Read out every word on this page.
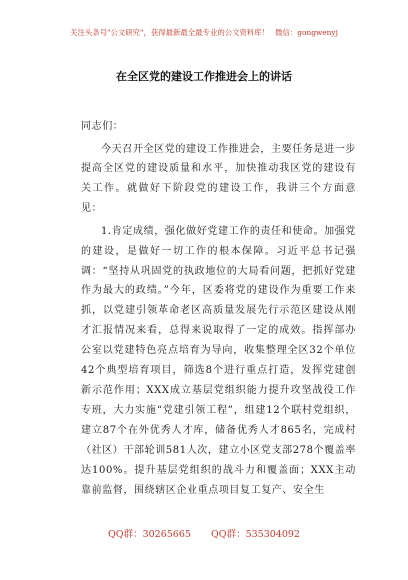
关注头条号"公文研究"，获得最新最全最专业的公文资料库！ 微信：gongwenyj
在全区党的建设工作推进会上的讲话

同志们：

今天召开全区党的建设工作推进会，主要任务是进一步提高全区党的建设质量和水平，加快推动我区党的建设有关工作。就做好下阶段党的建设工作，我讲三个方面意见：

1.肯定成绩，强化做好党建工作的责任和使命。加强党的建设，是做好一切工作的根本保障。习近平总书记强调：“坚持从巩固党的执政地位的大局看问题，把抓好党建作为最大的政绩。”今年，区委将党的建设作为重要工作来抓，以党建引领革命老区高质量发展先行示范区建设从刚才汇报情况来看，总得来说取得了一定的成效。指挥部办公室以党建特色亮点培育为导向，收集整理全区32个单位42个典型培育项目，筛选8个进行重点打造，发挥党建创新示范作用；XXX成立基层党组织能力提升攻坚战役工作专班，大力实施“党建引领工程”，组建12个联村党组织，建立87个在外优秀人才库，储备优秀人才865名，完成村（社区）干部轮训581人次，建立小区党支部278个覆盖率达100%。提升基层党组织的战斗力和覆盖面；XXX主动靠前监督，围绕辖区企业重点项目复工复产、安全生

QQ群：30265665 QQ群：535304092
